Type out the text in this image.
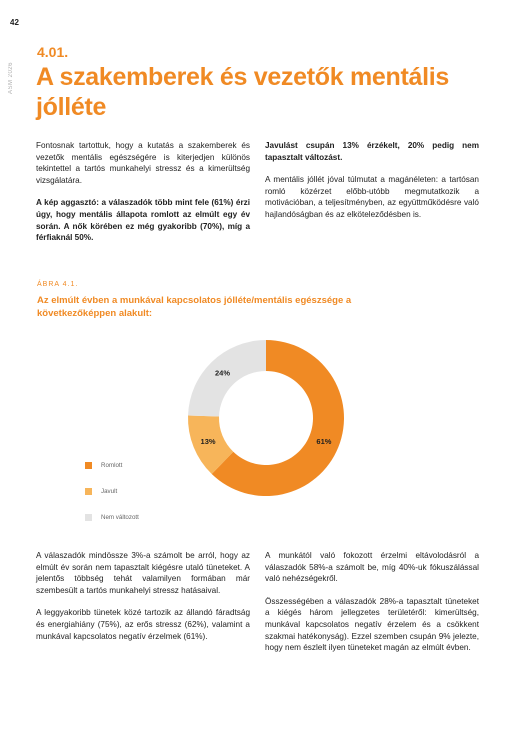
42
ASM 2026
4.01.
A szakemberek és vezetők mentális jólléte

Fontosnak tartottuk, hogy a kutatás a szakemberek és vezetők mentális egészségére is kiterjedjen különös tekintettel a tartós munkahelyi stressz és a kimerültség vizsgálatára.

A kép aggasztó: a válaszadók több mint fele (61%) érzi úgy, hogy mentális állapota romlott az elmúlt egy év során. A nők körében ez még gyakoribb (70%), míg a férfiaknál 50%.

Javulást csupán 13% érzékelt, 20% pedig nem tapasztalt változást.

A mentális jóllét jóval túlmutat a magánéleten: a tartósan romló közérzet előbb-utóbb megmutatkozik a motivációban, a teljesítményben, az együttműködésre való hajlandóságban és az elköteleződésben is.

ÁBRA 4.1.
Az elmúlt évben a munkával kapcsolatos jóllétе/mentális egészsége a következőképpen alakult:
61%
13%
24%
Romlott
Javult
Nem változott

A válaszadók mindössze 3%-a számolt be arról, hogy az elmúlt év során nem tapasztalt kiégésre utaló tüneteket. A jelentős többség tehát valamilyen formában már szembesült a tartós munkahelyi stressz hatásaival.

A leggyakoribb tünetek közé tartozik az állandó fáradtság és energiahiány (75%), az erős stressz (62%), valamint a munkával kapcsolatos negatív érzelmek (61%).

A munkától való fokozott érzelmi eltávolodásról a válaszadók 58%-a számolt be, míg 40%-uk fókuszálással való nehézségekről.

Összességében a válaszadók 28%-a tapasztalt tüneteket a kiégés három jellegzetes területéről: kimerültség, munkával kapcsolatos negatív érzelem és a csökkent szakmai hatékonyság). Ezzel szemben csupán 9% jelezte, hogy nem észlelt ilyen tüneteket magán az elmúlt évben.
